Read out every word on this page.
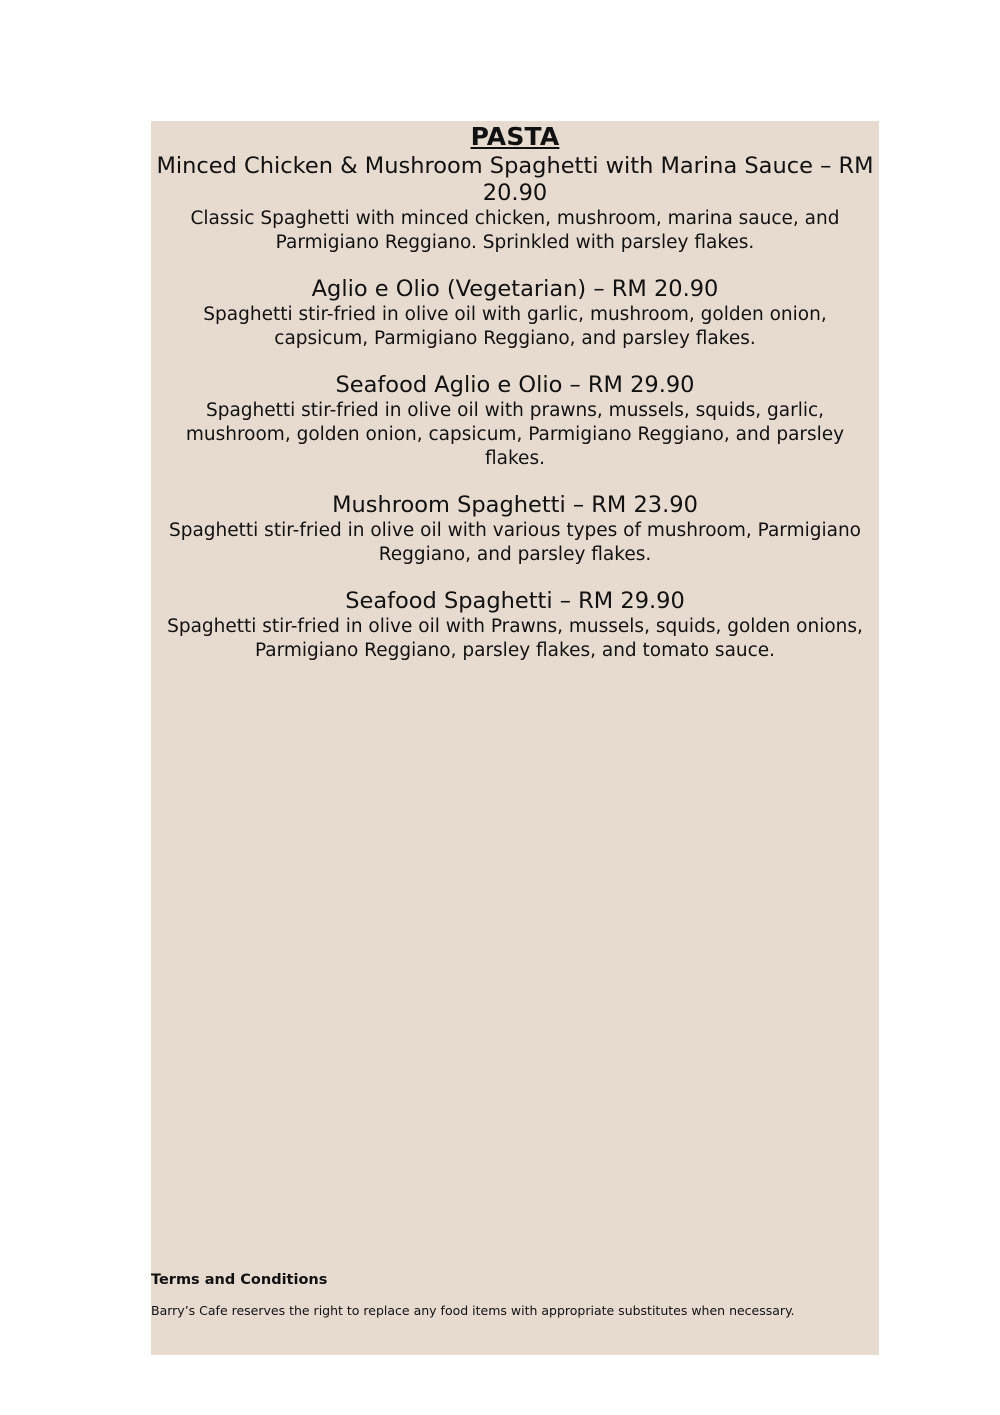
PASTA

Minced Chicken & Mushroom Spaghetti with Marina Sauce – RM 20.90

Classic Spaghetti with minced chicken, mushroom, marina sauce, and Parmigiano Reggiano. Sprinkled with parsley flakes.

Aglio e Olio (Vegetarian) – RM 20.90

Spaghetti stir-fried in olive oil with garlic, mushroom, golden onion, capsicum, Parmigiano Reggiano, and parsley flakes.

Seafood Aglio e Olio – RM 29.90

Spaghetti stir-fried in olive oil with prawns, mussels, squids, garlic, mushroom, golden onion, capsicum, Parmigiano Reggiano, and parsley flakes.

Mushroom Spaghetti – RM 23.90

Spaghetti stir-fried in olive oil with various types of mushroom, Parmigiano Reggiano, and parsley flakes.

Seafood Spaghetti – RM 29.90

Spaghetti stir-fried in olive oil with Prawns, mussels, squids, golden onions, Parmigiano Reggiano, parsley flakes, and tomato sauce.

Terms and Conditions

Barry’s Cafe reserves the right to replace any food items with appropriate substitutes when necessary.
